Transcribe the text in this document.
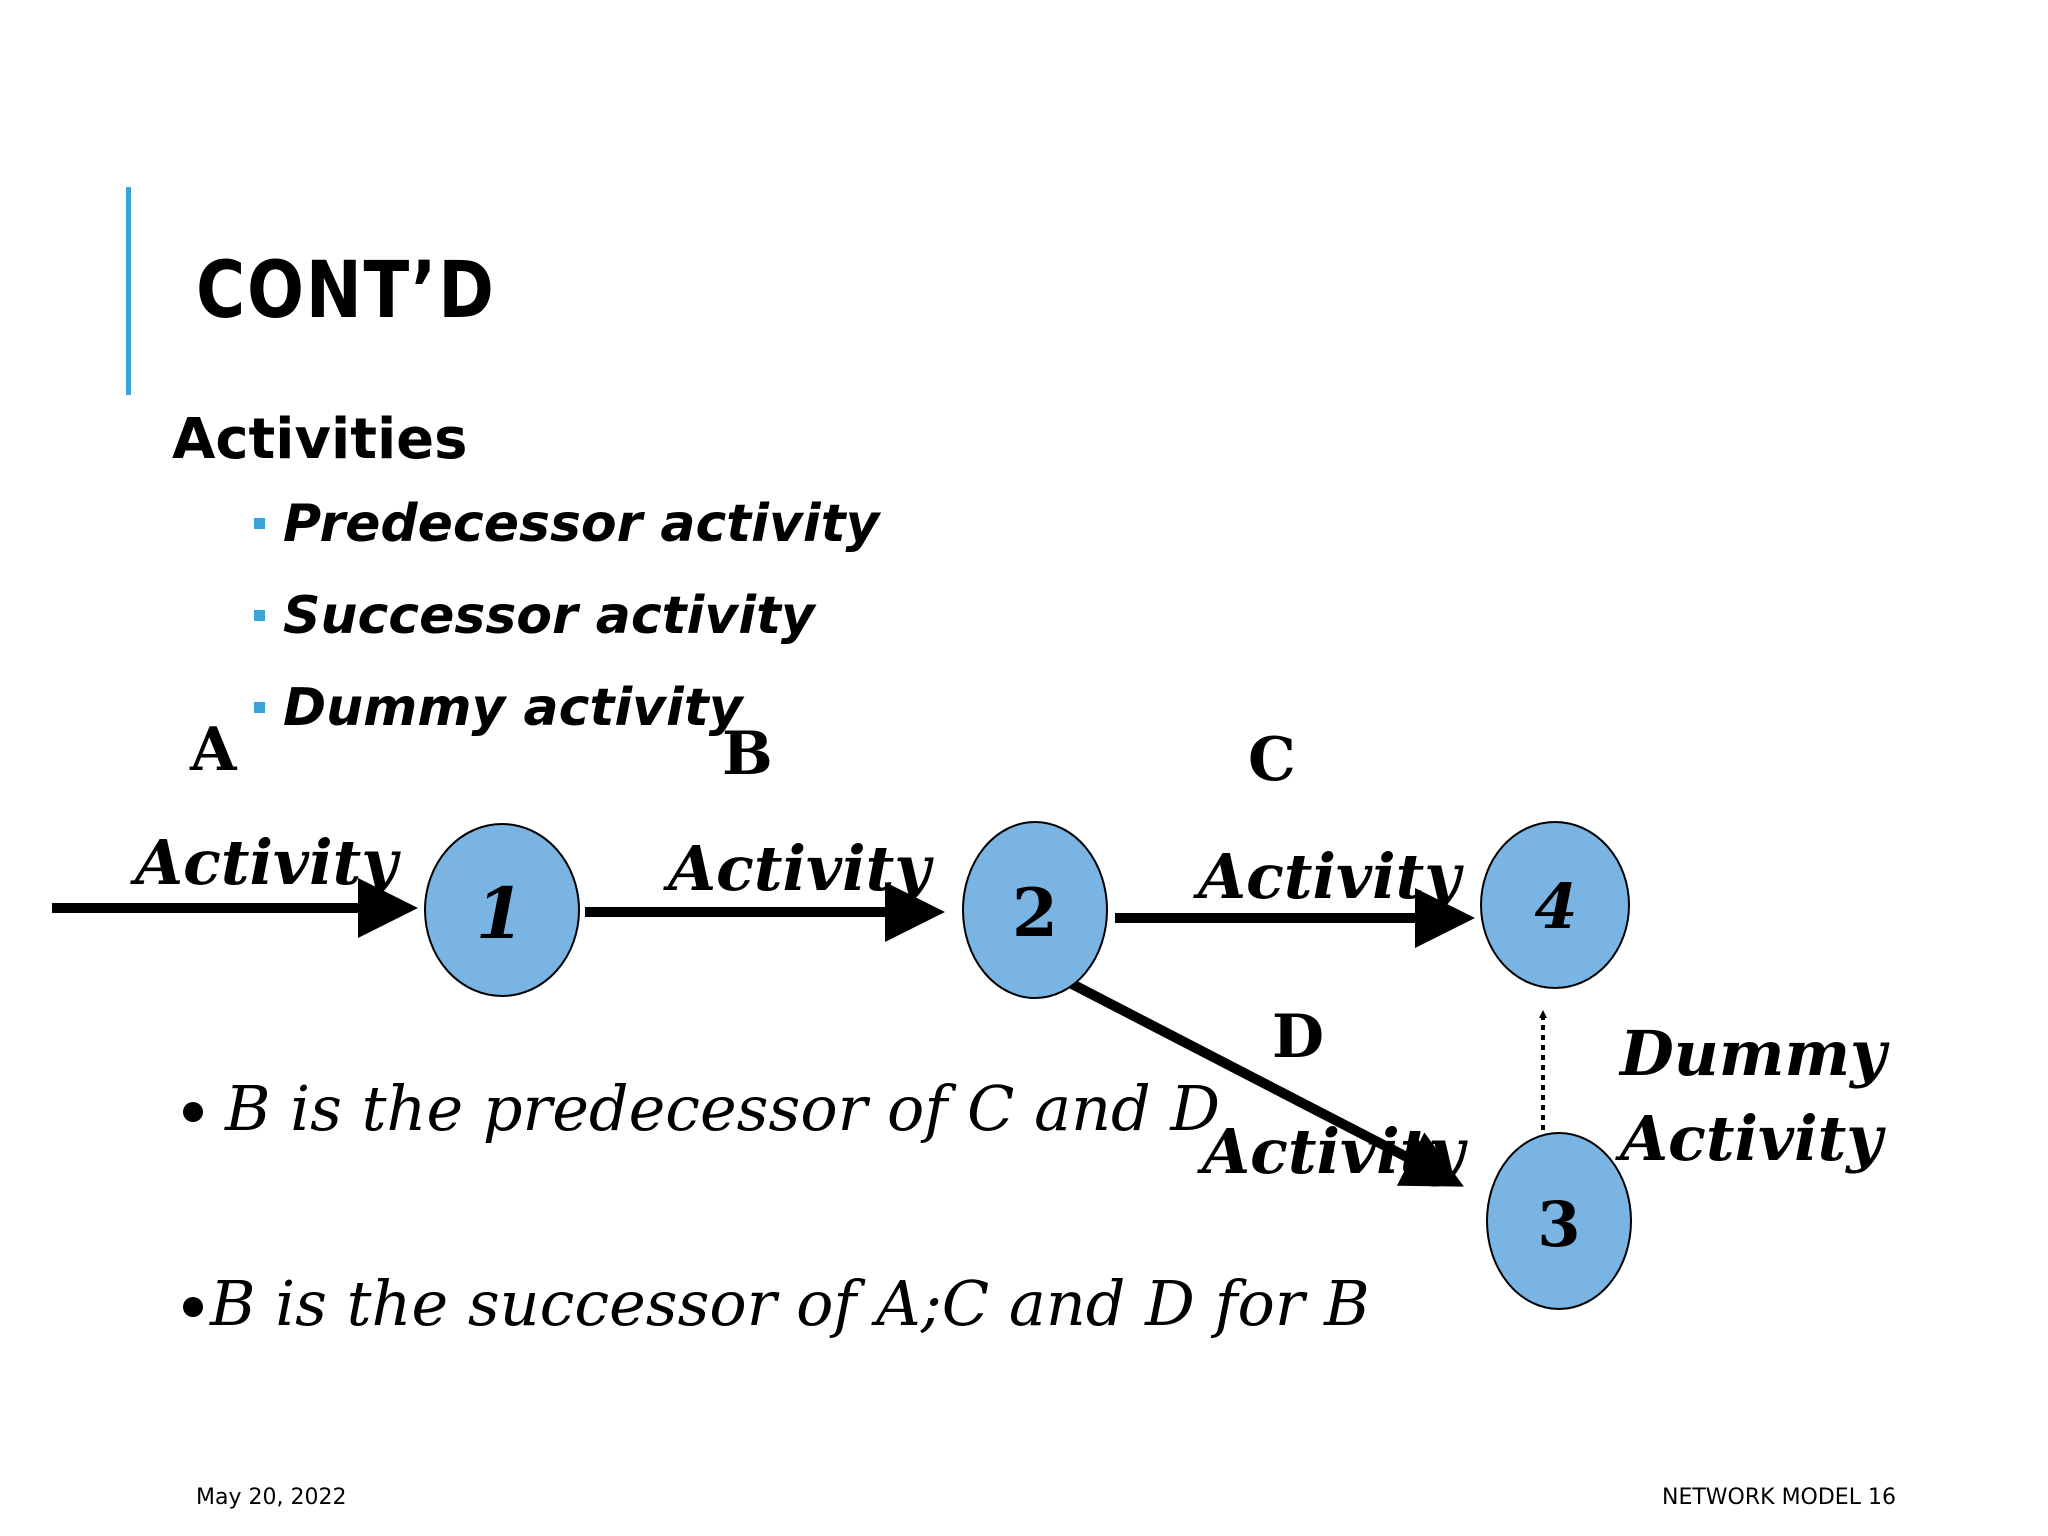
CONT’D
Activities
Predecessor activity
Successor activity
Dummy activity
1	2	4
3
A	B	C
D
Activity	Activity	Activity
Activity
Dummy
Activity

B is the predecessor of C and D

B is the successor of A;C and D for B

May 20, 2022	NETWORK MODEL 16
